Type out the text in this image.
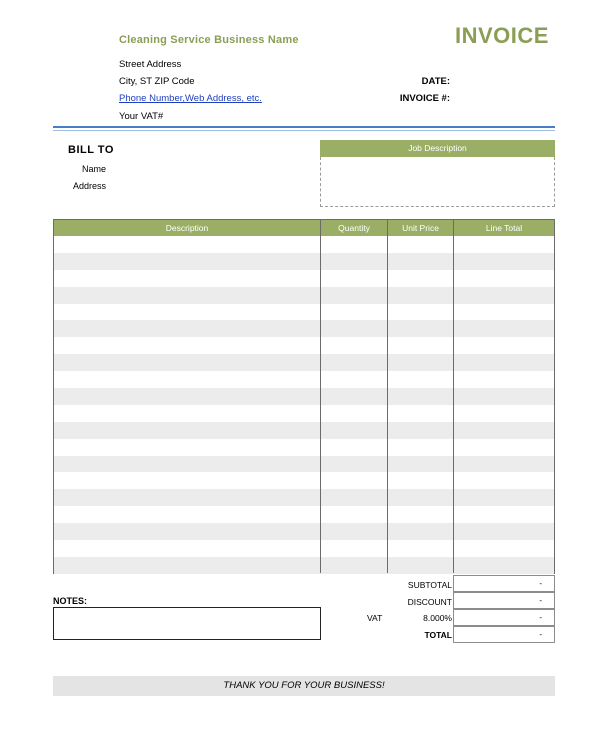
Cleaning Service Business Name	INVOICE
Street Address
City, ST ZIP Code
Phone Number,Web Address, etc.
Your VAT#
DATE:
INVOICE #:
BILL TO
Name
Address
Job Description
Description	Quantity	Unit Price	Line Total
SUBTOTAL	-
DISCOUNT	-
VAT	8.000%	-
TOTAL	-
NOTES:
THANK YOU FOR YOUR BUSINESS!
